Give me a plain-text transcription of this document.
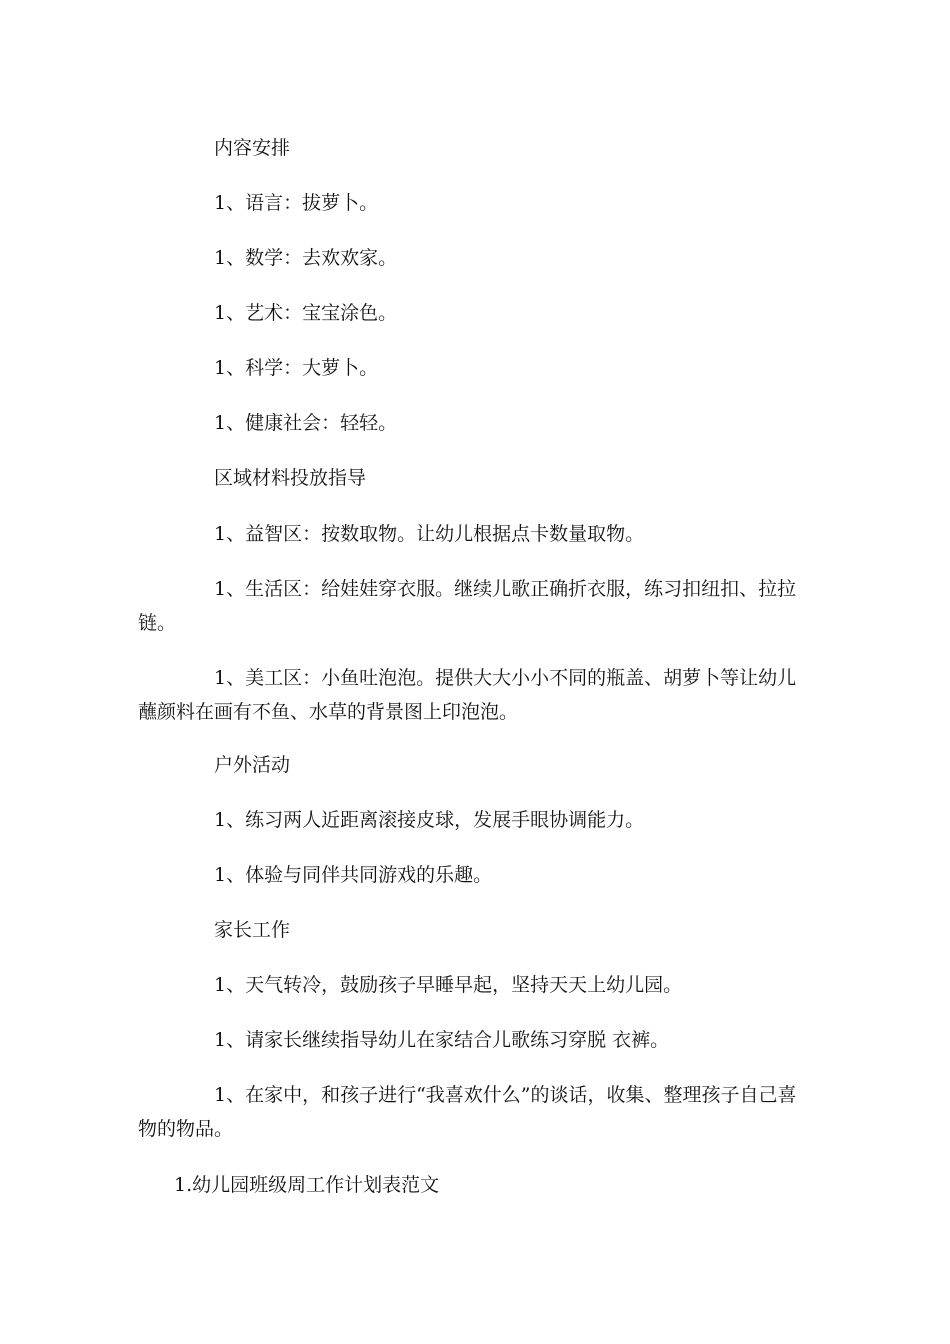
内容安排
1、语言：拔萝卜。
1、数学：去欢欢家。
1、艺术：宝宝涂色。
1、科学：大萝卜。
1、健康社会：轻轻。
区域材料投放指导
1、益智区：按数取物。让幼儿根据点卡数量取物。
1、生活区：给娃娃穿衣服。继续儿歌正确折衣服，练习扣纽扣、拉拉链。
1、美工区：小鱼吐泡泡。提供大大小小不同的瓶盖、胡萝卜等让幼儿蘸颜料在画有不鱼、水草的背景图上印泡泡。
户外活动
1、练习两人近距离滚接皮球，发展手眼协调能力。
1、体验与同伴共同游戏的乐趣。
家长工作
1、天气转冷，鼓励孩子早睡早起，坚持天天上幼儿园。
1、请家长继续指导幼儿在家结合儿歌练习穿脱 衣裤。
1、在家中，和孩子进行“我喜欢什么”的谈话，收集、整理孩子自己喜物的物品。
1.幼儿园班级周工作计划表范文
